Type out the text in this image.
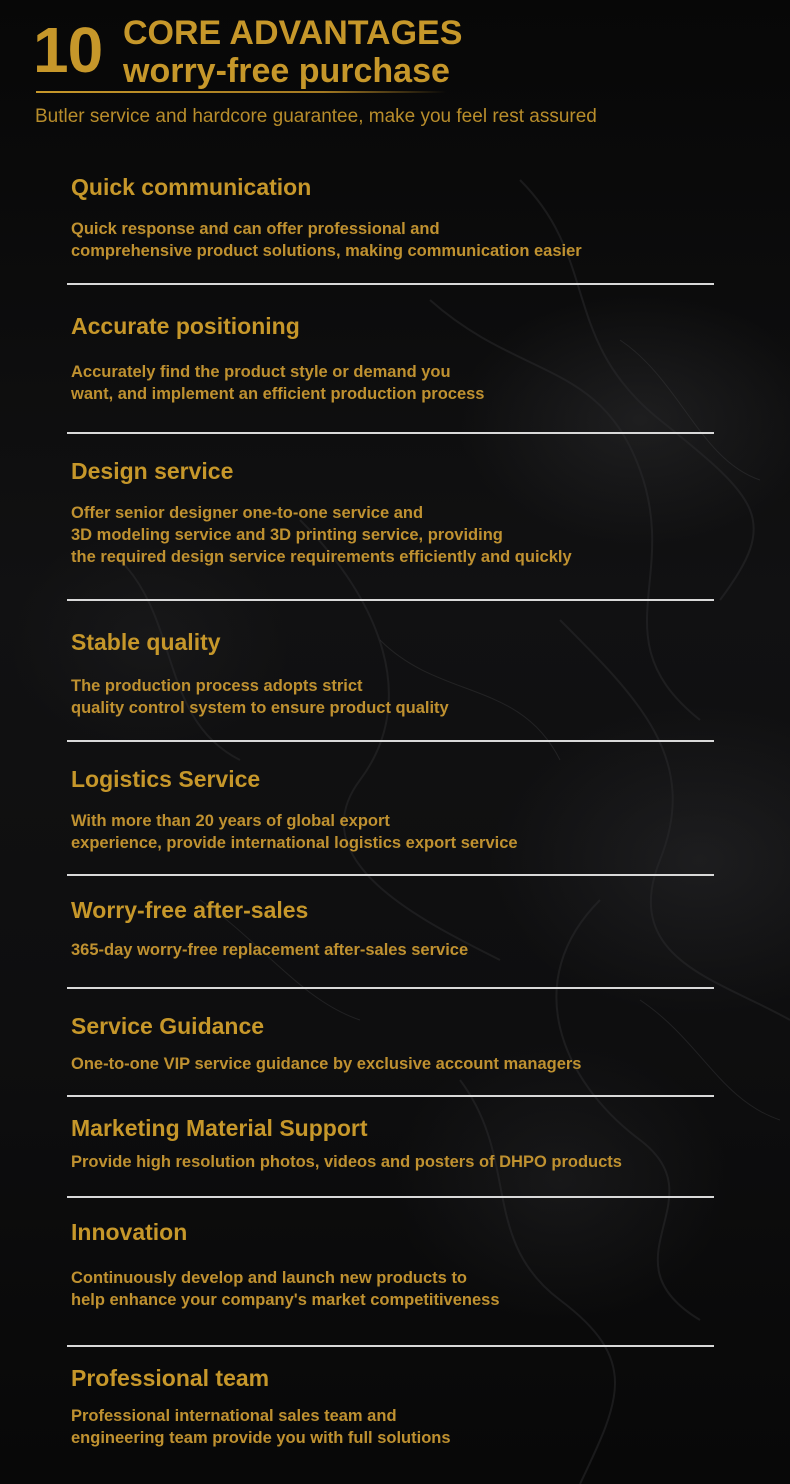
10 CORE ADVANTAGES
worry-free purchase
Butler service and hardcore guarantee, make you feel rest assured
Quick communication
Quick response and can offer professional and
comprehensive product solutions, making communication easier
Accurate positioning
Accurately find the product style or demand you
want, and implement an efficient production process
Design service
Offer senior designer one-to-one service and
3D modeling service and 3D printing service, providing
the required design service requirements efficiently and quickly
Stable quality
The production process adopts strict
quality control system to ensure product quality
Logistics Service
With more than 20 years of global export
experience, provide international logistics export service
Worry-free after-sales
365-day worry-free replacement after-sales service
Service Guidance
One-to-one VIP service guidance by exclusive account managers
Marketing Material Support
Provide high resolution photos, videos and posters of DHPO products
Innovation
Continuously develop and launch new products to
help enhance your company's market competitiveness
Professional team
Professional international sales team and
engineering team provide you with full solutions
